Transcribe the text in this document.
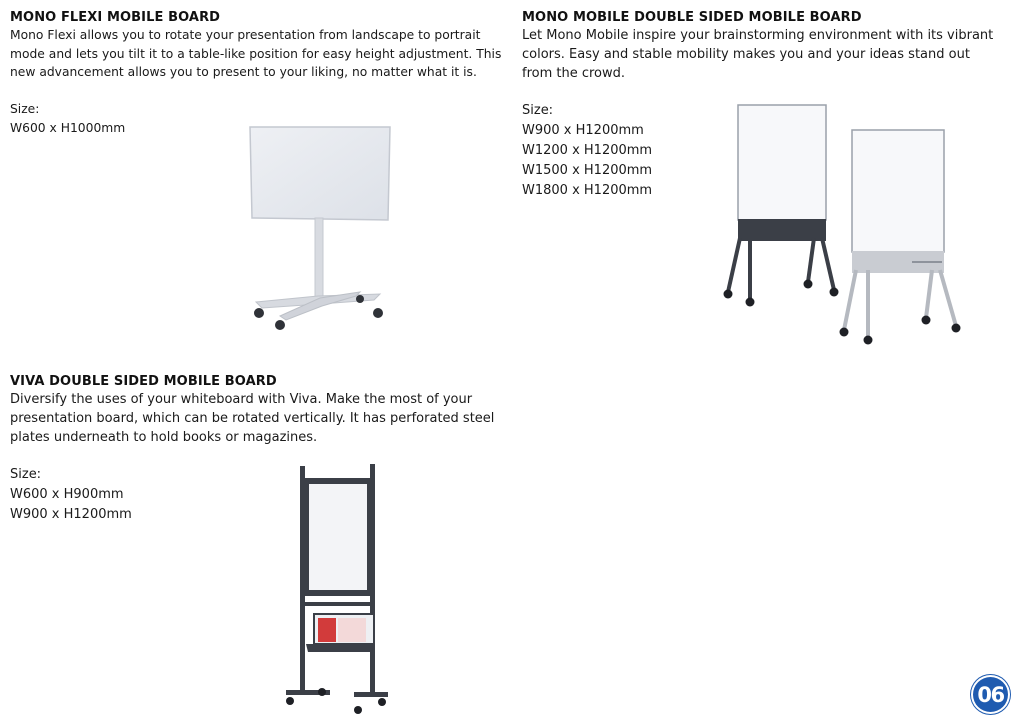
MONO FLEXI MOBILE BOARD

Mono Flexi allows you to rotate your presentation from landscape to portrait mode and lets you tilt it to a table-like position for easy height adjustment. This new advancement allows you to present to your liking, no matter what it is.

Size:
W600 x H1000mm
MONO MOBILE DOUBLE SIDED MOBILE BOARD

Let Mono Mobile inspire your brainstorming environment with its vibrant colors. Easy and stable mobility makes you and your ideas stand out from the crowd.

Size:
W900 x H1200mm
W1200 x H1200mm
W1500 x H1200mm
W1800 x H1200mm
VIVA DOUBLE SIDED MOBILE BOARD

Diversify the uses of your whiteboard with Viva. Make the most of your presentation board, which can be rotated vertically. It has perforated steel plates underneath to hold books or magazines.

Size:
W600 x H900mm
W900 x H1200mm
06
